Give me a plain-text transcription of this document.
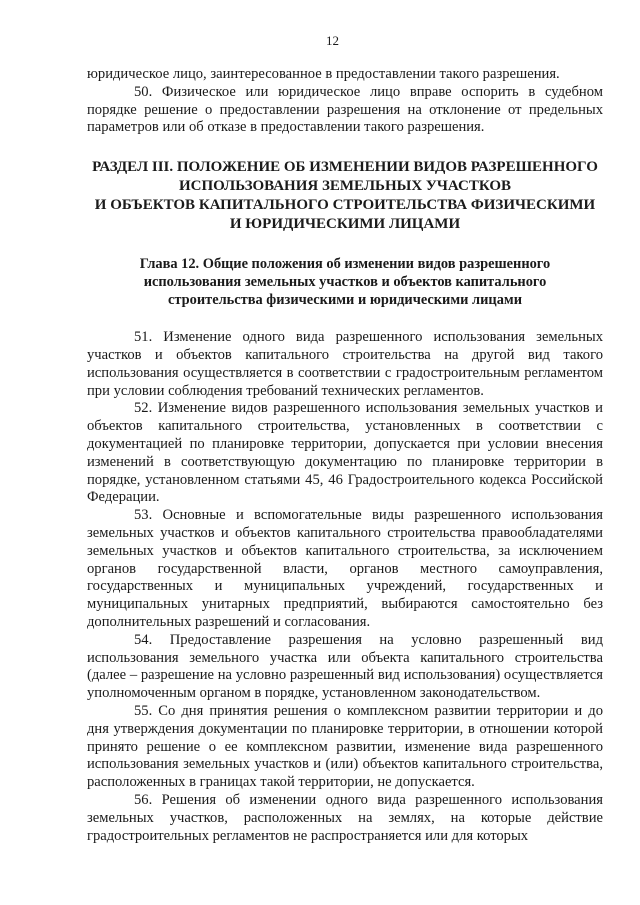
12

юридическое лицо, заинтересованное в предоставлении такого разрешения.

50. Физическое или юридическое лицо вправе оспорить в судебном порядке решение о предоставлении разрешения на отклонение от предельных параметров или об отказе в предоставлении такого разрешения.

РАЗДЕЛ III. ПОЛОЖЕНИЕ ОБ ИЗМЕНЕНИИ ВИДОВ РАЗРЕШЕННОГО
ИСПОЛЬЗОВАНИЯ ЗЕМЕЛЬНЫХ УЧАСТКОВ
И ОБЪЕКТОВ КАПИТАЛЬНОГО СТРОИТЕЛЬСТВА ФИЗИЧЕСКИМИ
И ЮРИДИЧЕСКИМИ ЛИЦАМИ
Глава 12. Общие положения об изменении видов разрешенного
использования земельных участков и объектов капитального
строительства физическими и юридическими лицами

51. Изменение одного вида разрешенного использования земельных участков и объектов капитального строительства на другой вид такого использования осуществляется в соответствии с градостроительным регламентом при условии соблюдения требований технических регламентов.

52. Изменение видов разрешенного использования земельных участков и объектов капитального строительства, установленных в соответствии с документацией по планировке территории, допускается при условии внесения изменений в соответствующую документацию по планировке территории в порядке, установленном статьями 45, 46 Градостроительного кодекса Российской Федерации.

53. Основные и вспомогательные виды разрешенного использования земельных участков и объектов капитального строительства правообладателями земельных участков и объектов капитального строительства, за исключением органов государственной власти, органов местного самоуправления, государственных и муниципальных учреждений, государственных и муниципальных унитарных предприятий, выбираются самостоятельно без дополнительных разрешений и согласования.

54. Предоставление разрешения на условно разрешенный вид использования земельного участка или объекта капитального строительства (далее – разрешение на условно разрешенный вид использования) осуществляется уполномоченным органом в порядке, установленном законодательством.

55. Со дня принятия решения о комплексном развитии территории и до дня утверждения документации по планировке территории, в отношении которой принято решение о ее комплексном развитии, изменение вида разрешенного использования земельных участков и (или) объектов капитального строительства, расположенных в границах такой территории, не допускается.

56. Решения об изменении одного вида разрешенного использования земельных участков, расположенных на землях, на которые действие градостроительных регламентов не распространяется или для которых
